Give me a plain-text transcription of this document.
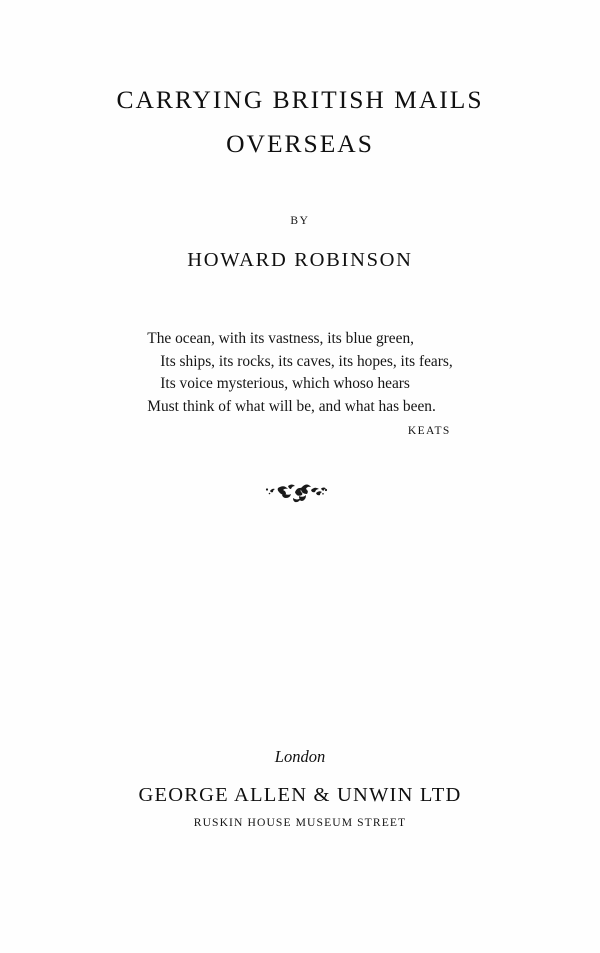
CARRYING BRITISH MAILS
OVERSEAS
BY
HOWARD ROBINSON
The ocean, with its vastness, its blue green,
Its ships, its rocks, its caves, its hopes, its fears,
Its voice mysterious, which whoso hears
Must think of what will be, and what has been.
KEATS
London
GEORGE ALLEN & UNWIN LTD
RUSKIN HOUSE MUSEUM STREET
